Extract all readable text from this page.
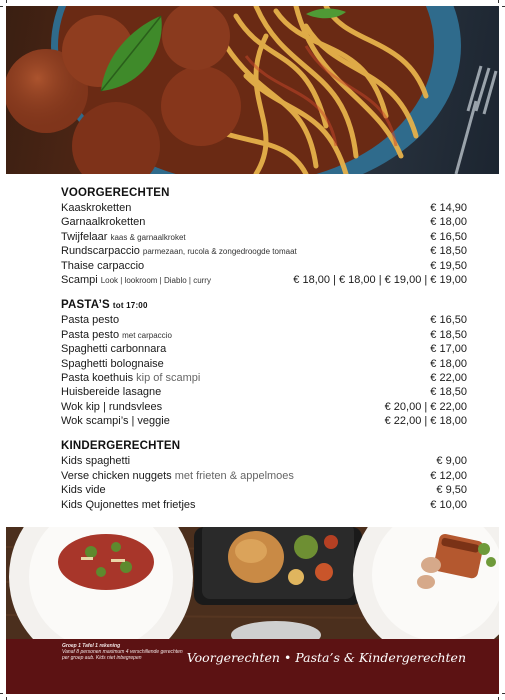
VOORGERECHTEN
Kaaskroketten	€ 14,90
Garnaalkroketten	€ 18,00
Twijfelaar kaas & garnaalkroket	€ 16,50
Rundscarpaccio parmezaan, rucola & zongedroogde tomaat	€ 18,50
Thaise carpaccio	€ 19,50
Scampi Look | lookroom | Diablo | curry	€ 18,00 | € 18,00 | € 19,00 | € 19,00
PASTA’S tot 17:00
Pasta pesto	€ 16,50
Pasta pesto met carpaccio	€ 18,50
Spaghetti carbonnara	€ 17,00
Spaghetti bolognaise	€ 18,00
Pasta koethuis kip of scampi	€ 22,00
Huisbereide lasagne	€ 18,50
Wok kip | rundsvlees	€ 20,00 | € 22,00
Wok scampi’s | veggie	€ 22,00 | € 18,00
KINDERGERECHTEN
Kids spaghetti	€ 9,00
Verse chicken nuggets met frieten & appelmoes	€ 12,00
Kids vide	€ 9,50
Kids Qujonettes met frietjes	€ 10,00
Groep 1 Tafel 1 rekening
Vanaf 8 personen maximum 4 verschillende gerechten
per groep aub. Kids niet inbegrepen	Voorgerechten • Pasta’s & Kindergerechten
